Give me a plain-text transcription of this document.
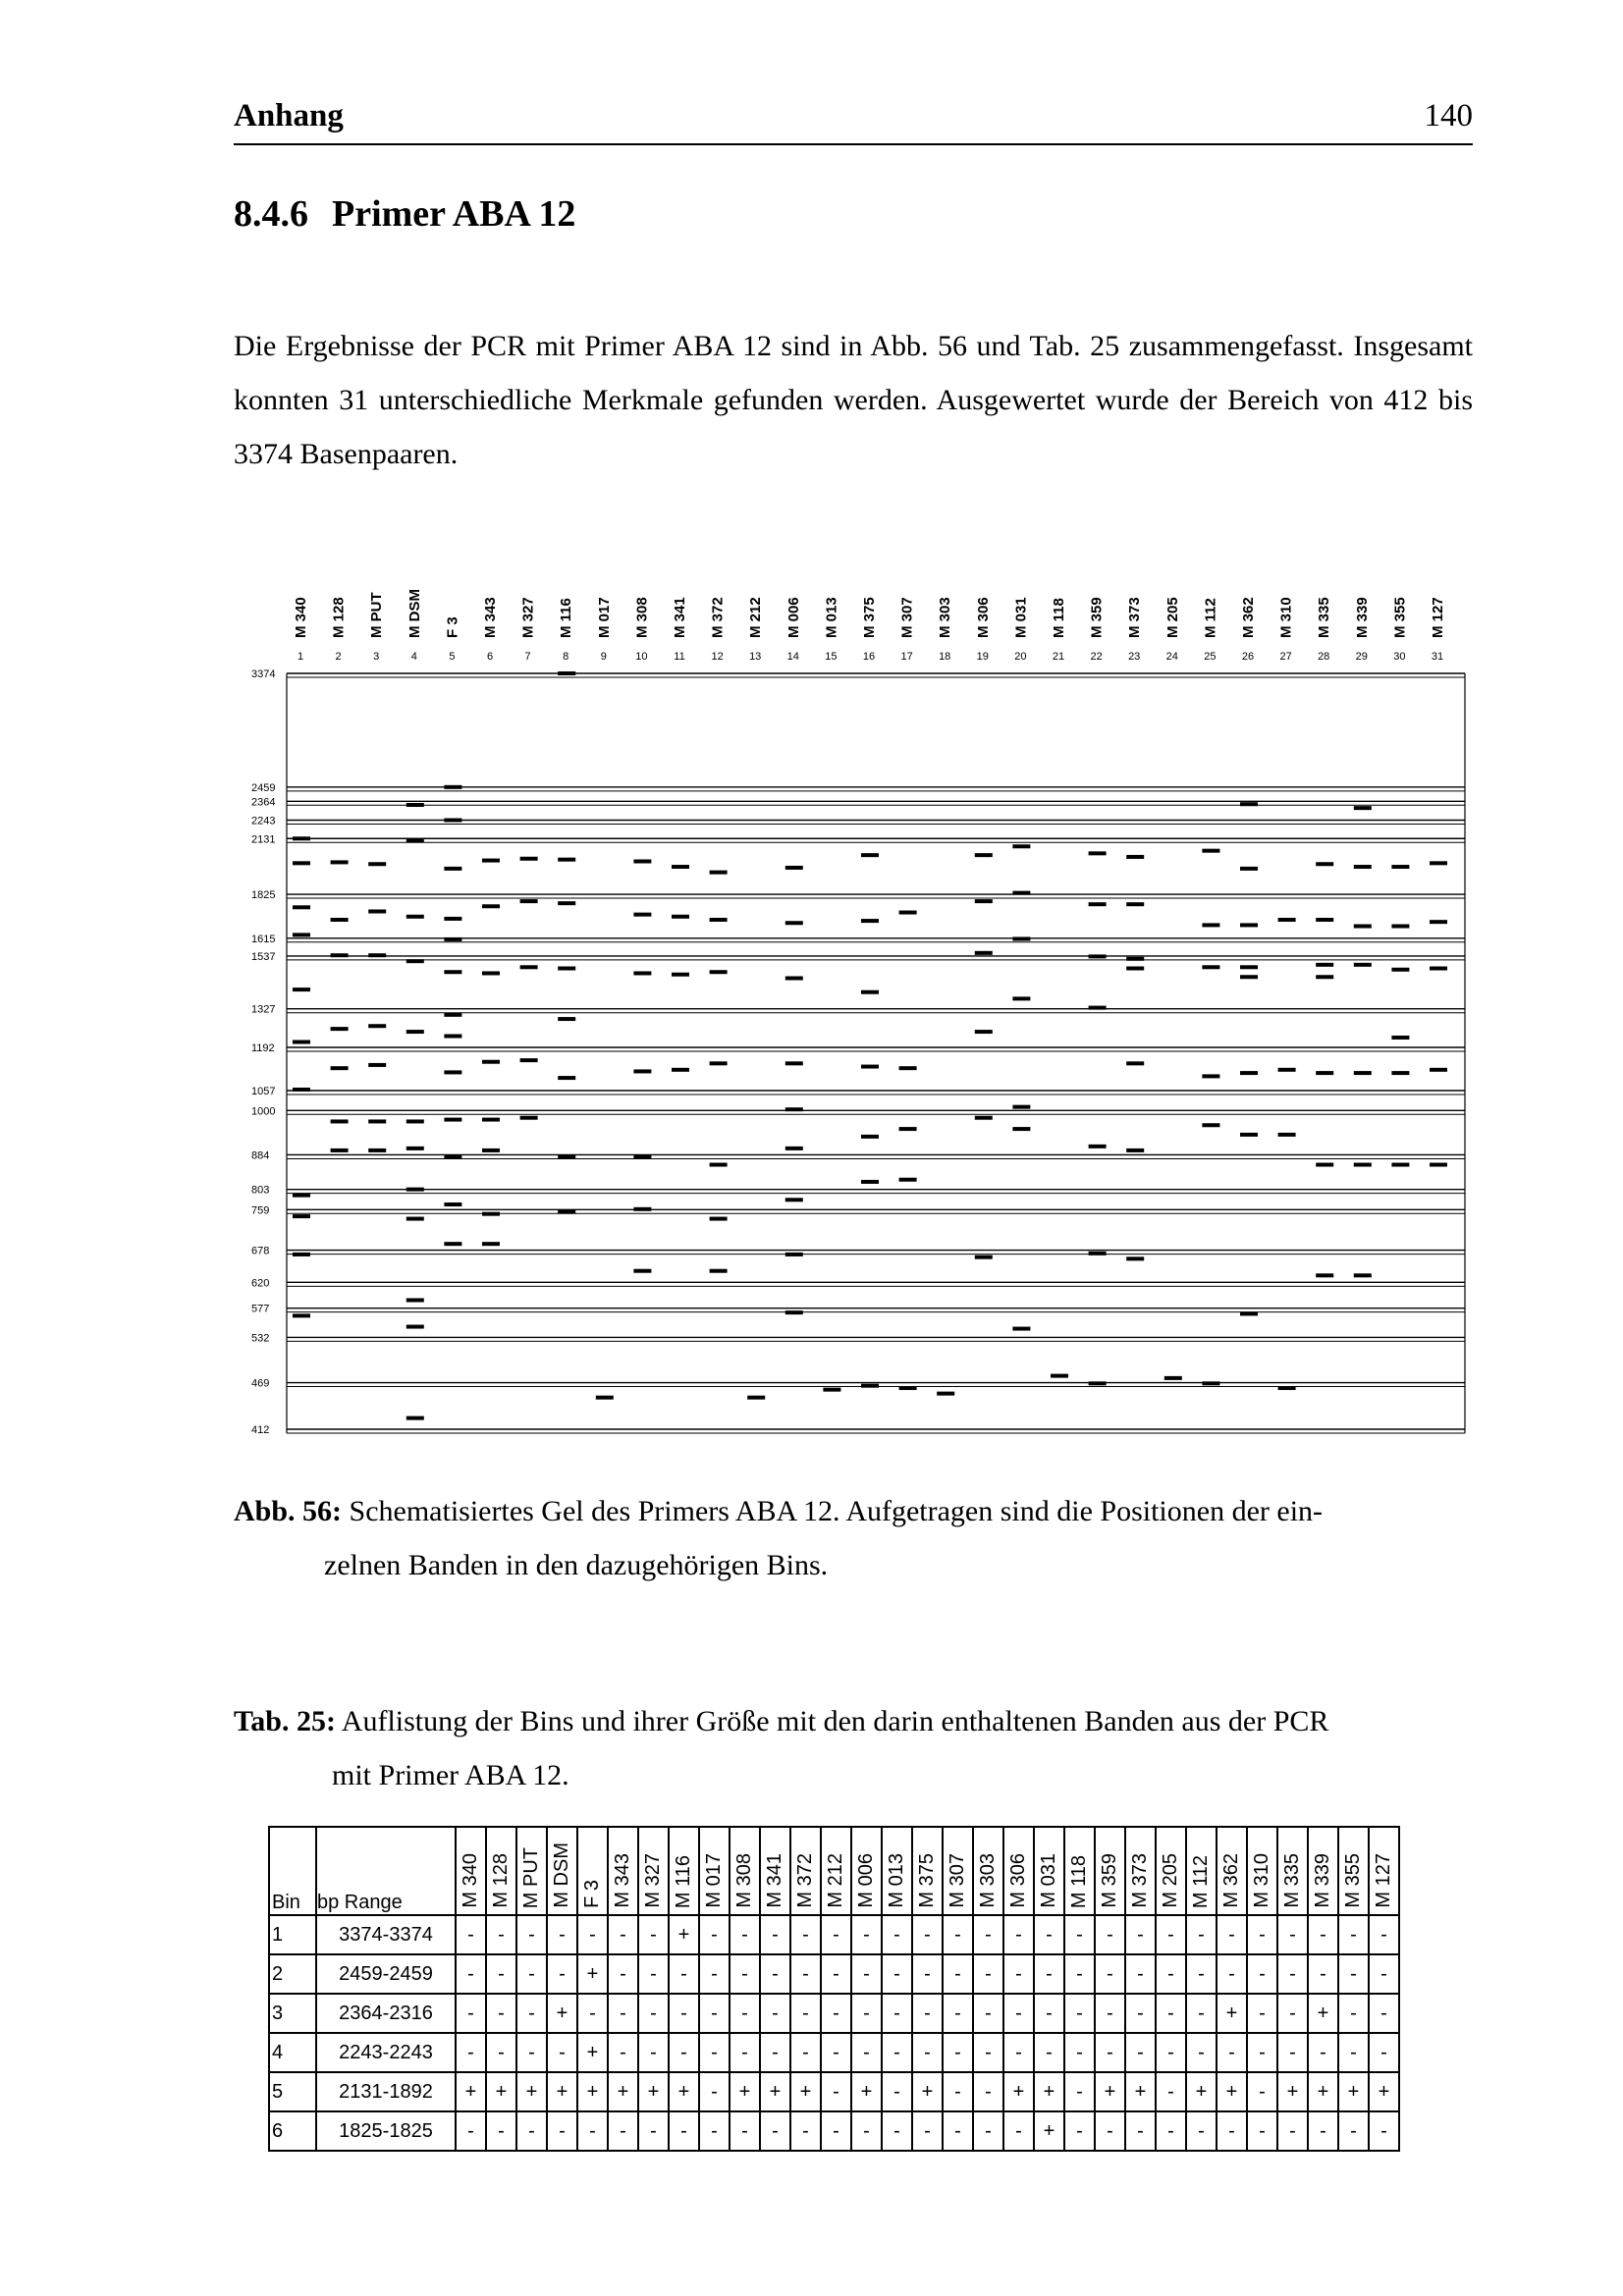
Anhang	140
8.4.6 Primer ABA 12
Die Ergebnisse der PCR mit Primer ABA 12 sind in Abb. 56 und Tab. 25 zusammengefasst. Insgesamt konnten 31 unterschiedliche Merkmale gefunden werden. Ausgewertet wurde der Bereich von 412 bis 3374 Basenpaaren.
M 340
1
M 128
2
M PUT
3
M DSM
4
F 3
5
M 343
6
M 327
7
M 116
8
M 017
9
M 308
10
M 341
11
M 372
12
M 212
13
M 006
14
M 013
15
M 375
16
M 307
17
M 303
18
M 306
19
M 031
20
M 118
21
M 359
22
M 373
23
M 205
24
M 112
25
M 362
26
M 310
27
M 335
28
M 339
29
M 355
30
M 127
31
3374
2459
2364
2243
2131
1825
1615
1537
1327
1192
1057
1000
884
803
759
678
620
577
532
469
412
Abb. 56: Schematisiertes Gel des Primers ABA 12. Aufgetragen sind die Positionen der ein-
zelnen Banden in den dazugehörigen Bins.
Tab. 25: Auflistung der Bins und ihrer Größe mit den darin enthaltenen Banden aus der PCR
mit Primer ABA 12.
Bin	bp Range	M 340	M 128	M PUT	M DSM	F 3	M 343	M 327	M 116	M 017	M 308	M 341	M 372	M 212	M 006	M 013	M 375	M 307	M 303	M 306	M 031	M 118	M 359	M 373	M 205	M 112	M 362	M 310	M 335	M 339	M 355	M 127
1	3374-3374	-	-	-	-	-	-	-	+	-	-	-	-	-	-	-	-	-	-	-	-	-	-	-	-	-	-	-	-	-	-	-
2	2459-2459	-	-	-	-	+	-	-	-	-	-	-	-	-	-	-	-	-	-	-	-	-	-	-	-	-	-	-	-	-	-	-
3	2364-2316	-	-	-	+	-	-	-	-	-	-	-	-	-	-	-	-	-	-	-	-	-	-	-	-	-	+	-	-	+	-	-
4	2243-2243	-	-	-	-	+	-	-	-	-	-	-	-	-	-	-	-	-	-	-	-	-	-	-	-	-	-	-	-	-	-	-
5	2131-1892	+	+	+	+	+	+	+	+	-	+	+	+	-	+	-	+	-	-	+	+	-	+	+	-	+	+	-	+	+	+	+
6	1825-1825	-	-	-	-	-	-	-	-	-	-	-	-	-	-	-	-	-	-	-	+	-	-	-	-	-	-	-	-	-	-	-
